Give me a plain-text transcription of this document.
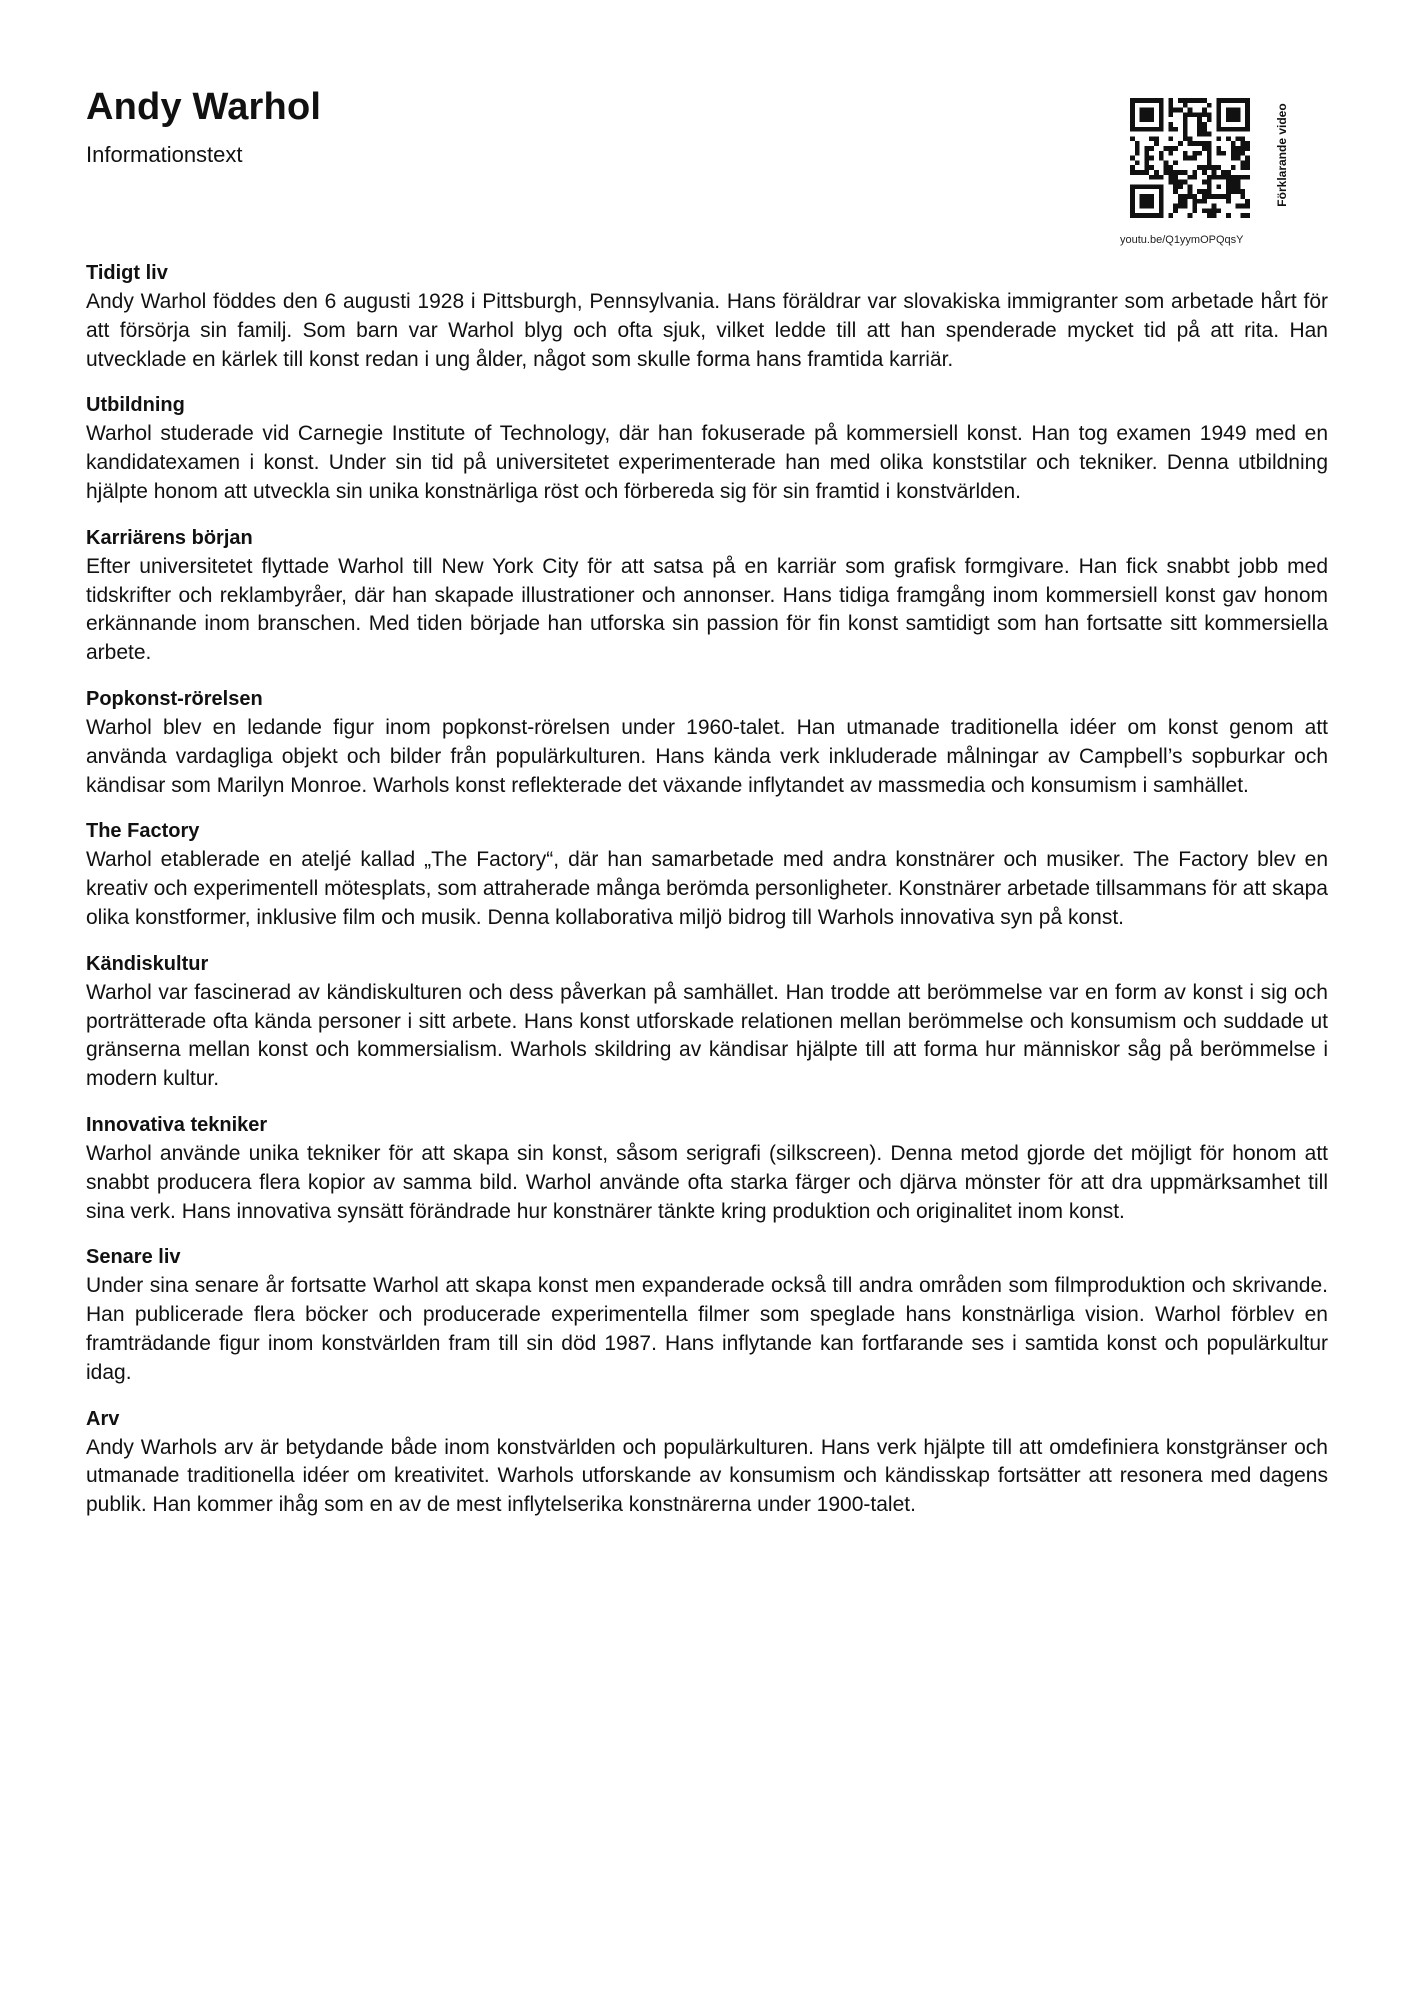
Andy Warhol
Informationstext	Förklarande video
youtu.be/Q1yymOPQqsY
Tidigt liv

Andy Warhol föddes den 6 augusti 1928 i Pittsburgh, Pennsylvania. Hans föräldrar var slovakiska immigranter som arbetade hårt för att försörja sin familj. Som barn var Warhol blyg och ofta sjuk, vilket ledde till att han spenderade mycket tid på att rita. Han utvecklade en kärlek till konst redan i ung ålder, något som skulle forma hans framtida karriär.

Utbildning

Warhol studerade vid Carnegie Institute of Technology, där han fokuserade på kommersiell konst. Han tog examen 1949 med en kandidatexamen i konst. Under sin tid på universitetet experimenterade han med olika konststilar och tekniker. Denna utbildning hjälpte honom att utveckla sin unika konstnärliga röst och förbereda sig för sin framtid i konstvärlden.

Karriärens början

Efter universitetet flyttade Warhol till New York City för att satsa på en karriär som grafisk formgivare. Han fick snabbt jobb med tidskrifter och reklambyråer, där han skapade illustrationer och annonser. Hans tidiga framgång inom kommersiell konst gav honom erkännande inom branschen. Med tiden började han utforska sin passion för fin konst samtidigt som han fortsatte sitt kommersiella arbete.

Popkonst-rörelsen

Warhol blev en ledande figur inom popkonst-rörelsen under 1960-talet. Han utmanade traditionella idéer om konst genom att använda vardagliga objekt och bilder från populärkulturen. Hans kända verk inkluderade målningar av Campbell’s sopburkar och kändisar som Marilyn Monroe. Warhols konst reflekterade det växande inflytandet av massmedia och konsumism i samhället.

The Factory

Warhol etablerade en ateljé kallad „The Factory“, där han samarbetade med andra konstnärer och musiker. The Factory blev en kreativ och experimentell mötesplats, som attraherade många berömda personligheter. Konstnärer arbetade tillsammans för att skapa olika konstformer, inklusive film och musik. Denna kollaborativa miljö bidrog till Warhols innovativa syn på konst.

Kändiskultur

Warhol var fascinerad av kändiskulturen och dess påverkan på samhället. Han trodde att berömmelse var en form av konst i sig och porträtterade ofta kända personer i sitt arbete. Hans konst utforskade relationen mellan berömmelse och konsumism och suddade ut gränserna mellan konst och kommersialism. Warhols skildring av kändisar hjälpte till att forma hur människor såg på berömmelse i modern kultur.

Innovativa tekniker

Warhol använde unika tekniker för att skapa sin konst, såsom serigrafi (silkscreen). Denna metod gjorde det möjligt för honom att snabbt producera flera kopior av samma bild. Warhol använde ofta starka färger och djärva mönster för att dra uppmärksamhet till sina verk. Hans innovativa synsätt förändrade hur konstnärer tänkte kring produktion och originalitet inom konst.

Senare liv

Under sina senare år fortsatte Warhol att skapa konst men expanderade också till andra områden som filmproduktion och skrivande. Han publicerade flera böcker och producerade experimentella filmer som speglade hans konstnärliga vision. Warhol förblev en framträdande figur inom konstvärlden fram till sin död 1987. Hans inflytande kan fortfarande ses i samtida konst och populärkultur idag.

Arv

Andy Warhols arv är betydande både inom konstvärlden och populärkulturen. Hans verk hjälpte till att omdefiniera konstgränser och utmanade traditionella idéer om kreativitet. Warhols utforskande av konsumism och kändisskap fortsätter att resonera med dagens publik. Han kommer ihåg som en av de mest inflytelserika konstnärerna under 1900-talet.
